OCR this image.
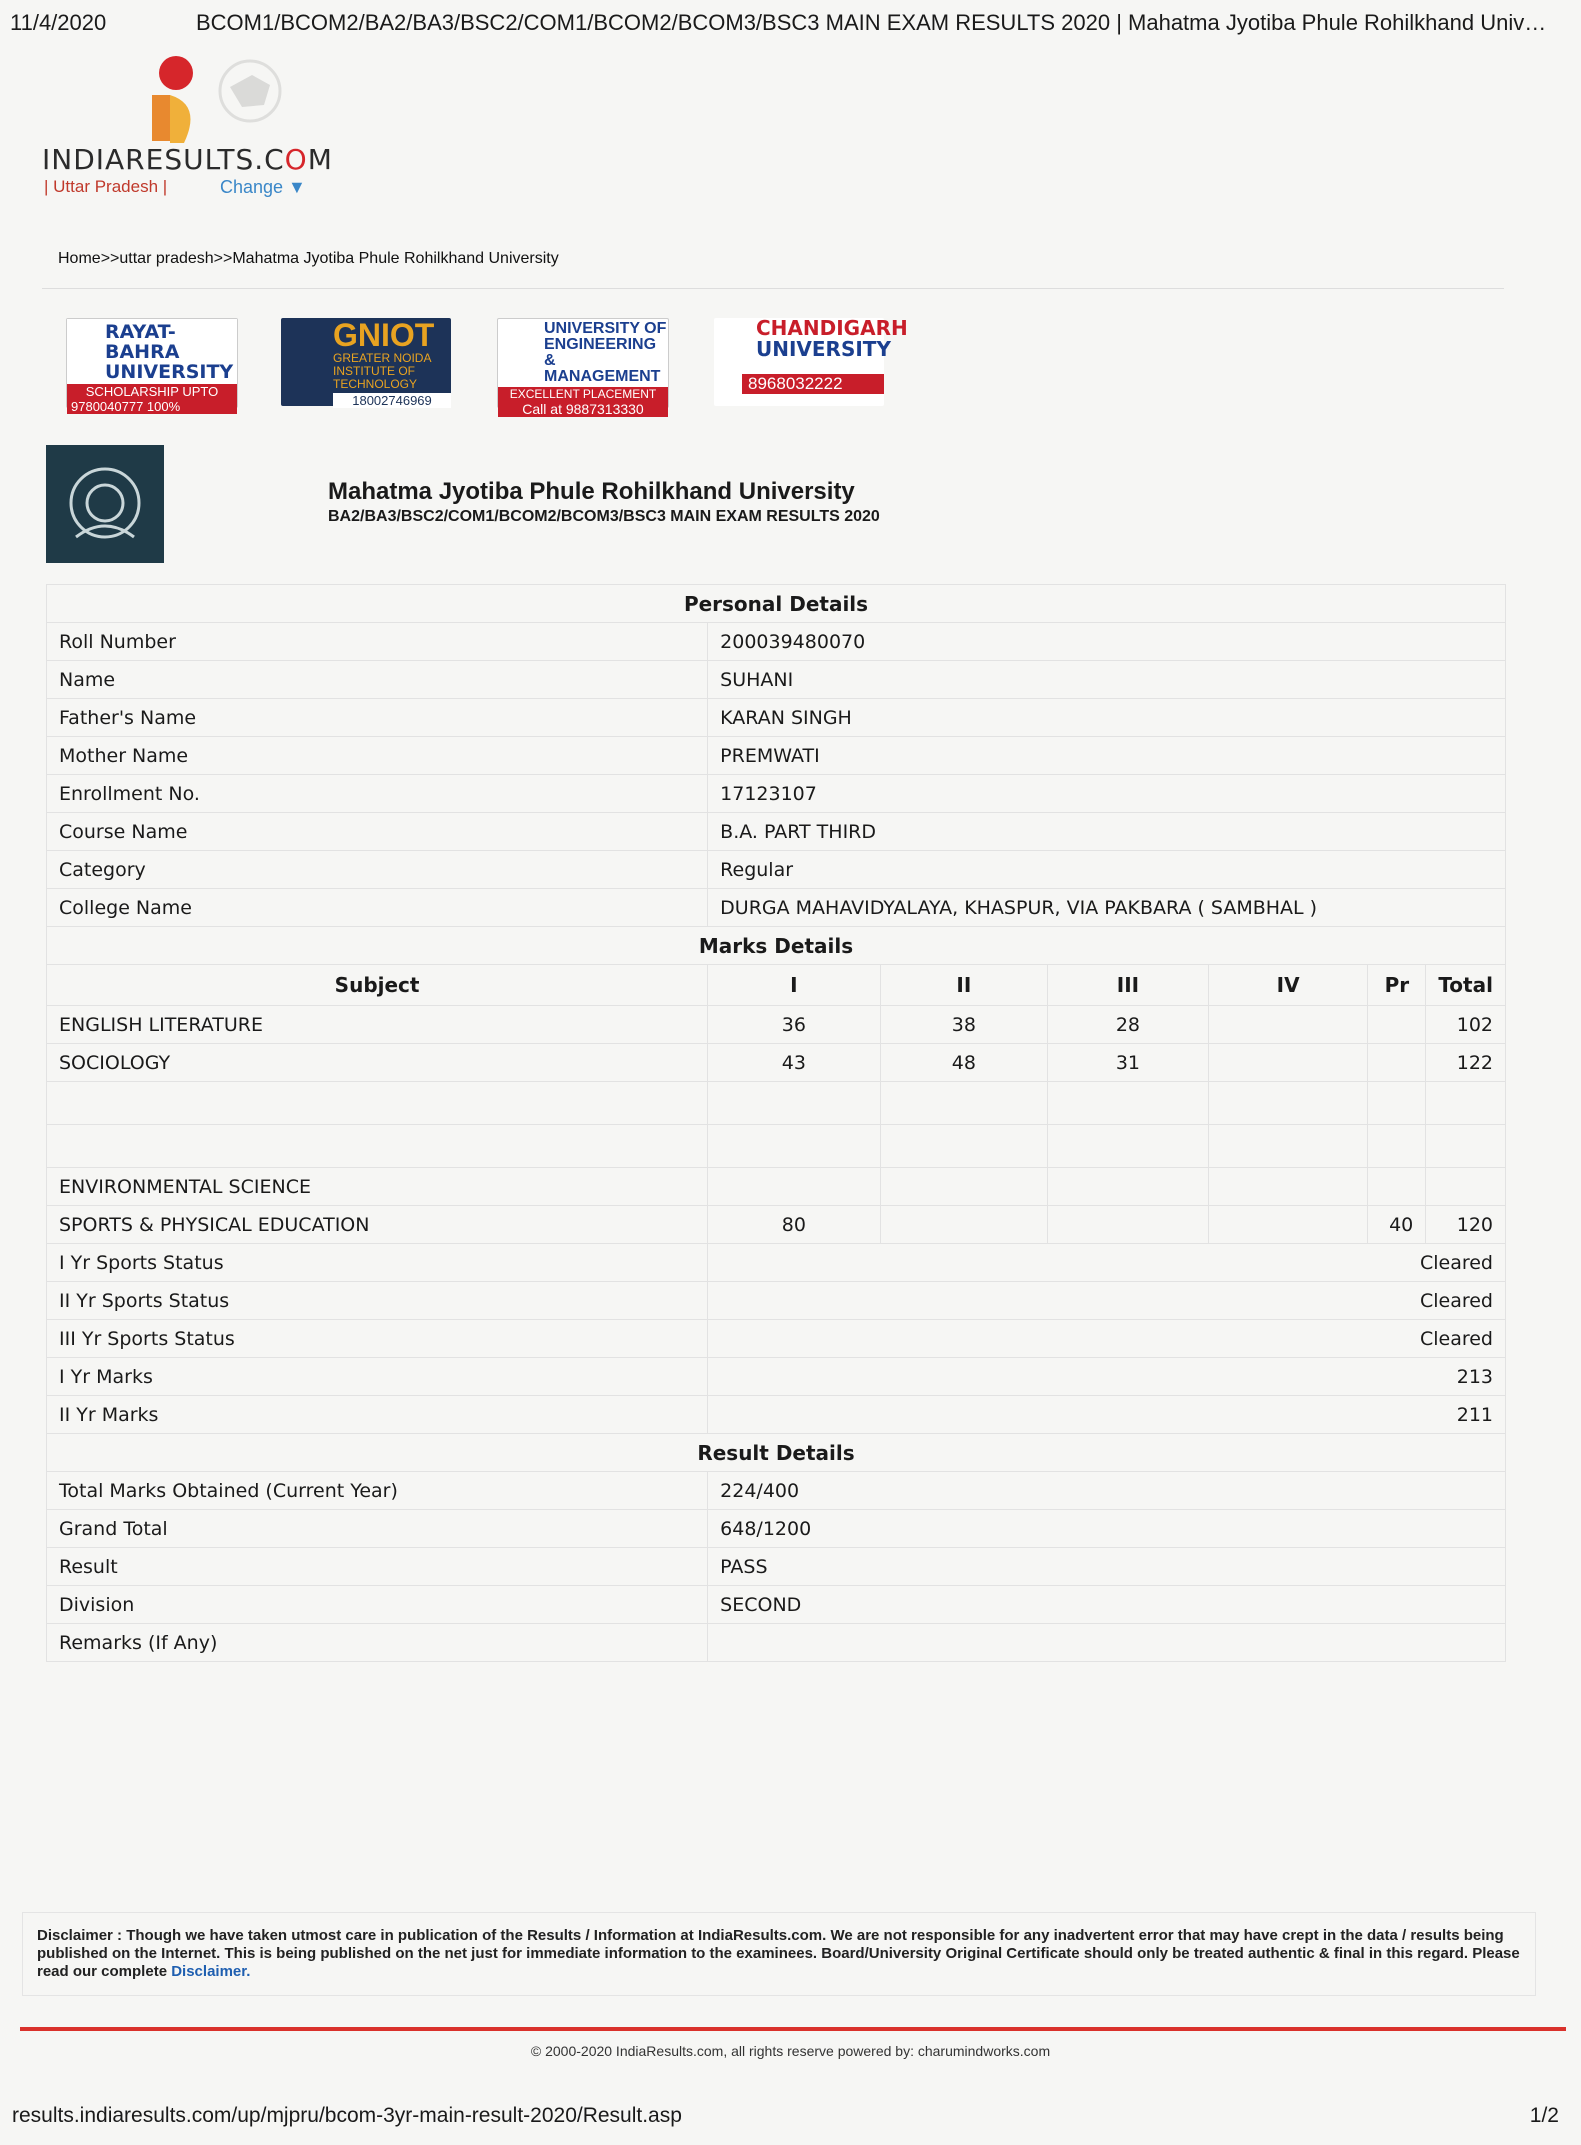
11/4/2020	BCOM1/BCOM2/BA2/BA3/BSC2/COM1/BCOM2/BCOM3/BSC3 MAIN EXAM RESULTS 2020 | Mahatma Jyotiba Phule Rohilkhand Univ…
INDIARESULTS.COM
| Uttar Pradesh |	Change ▼
Home>>uttar pradesh>>Mahatma Jyotiba Phule Rohilkhand University
RAYAT-BAHRA UNIVERSITY
SCHOLARSHIP UPTO
9780040777 100%
GNIOT
GREATER NOIDA INSTITUTE OF TECHNOLOGY
18002746969
UNIVERSITY OF ENGINEERING & MANAGEMENT
EXCELLENT PLACEMENT
Call at 9887313330
CHANDIGARH
UNIVERSITY
8968032222
Mahatma Jyotiba Phule Rohilkhand University
BA2/BA3/BSC2/COM1/BCOM2/BCOM3/BSC3 MAIN EXAM RESULTS 2020
Personal Details						
Roll Number	200039480070					
Name	SUHANI					
Father's Name	KARAN SINGH					
Mother Name	PREMWATI					
Enrollment No.	17123107					
Course Name	B.A. PART THIRD					
Category	Regular					
College Name	DURGA MAHAVIDYALAYA, KHASPUR, VIA PAKBARA ( SAMBHAL )					
Marks Details						
Subject	I	II	III	IV	Pr	Total
ENGLISH LITERATURE	36	38	28			102
SOCIOLOGY	43	48	31			122

ENVIRONMENTAL SCIENCE						
SPORTS & PHYSICAL EDUCATION	80				40	120
I Yr Sports Status	Cleared					
II Yr Sports Status	Cleared					
III Yr Sports Status	Cleared					
I Yr Marks	213					
II Yr Marks	211					
Result Details						
Total Marks Obtained (Current Year)	224/400					
Grand Total	648/1200					
Result	PASS					
Division	SECOND					
Remarks (If Any)						
Disclaimer : Though we have taken utmost care in publication of the Results / Information at IndiaResults.com. We are not responsible for any inadvertent error that may have crept in the data / results being published on the Internet. This is being published on the net just for immediate information to the examinees. Board/University Original Certificate should only be treated authentic & final in this regard. Please read our complete Disclaimer.
© 2000-2020 IndiaResults.com, all rights reserve powered by: charumindworks.com
results.indiaresults.com/up/mjpru/bcom-3yr-main-result-2020/Result.asp	1/2
